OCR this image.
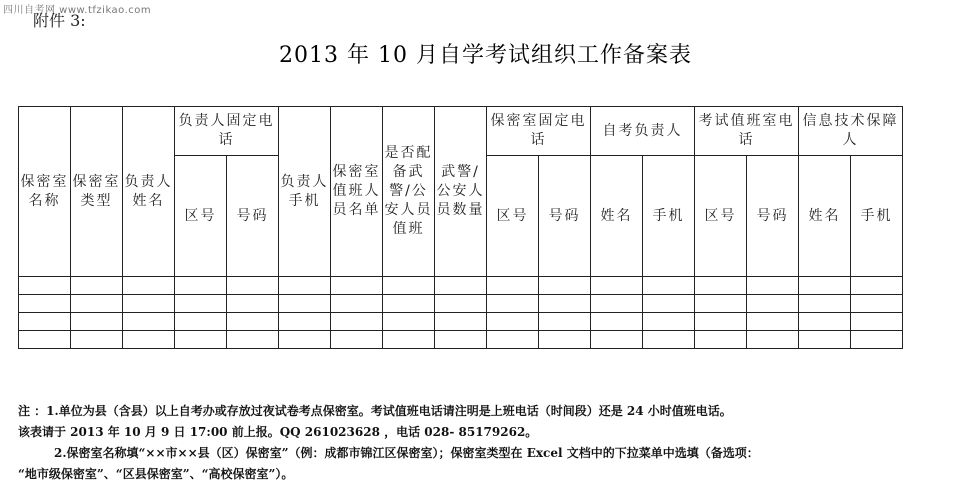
四川自考网 www.tfzikao.com
附件 3:
2013 年 10 月自学考试组织工作备案表
保密室名称	保密室类型	负责人姓名	负责人固定电话		负责人手机	保密室值班人员名单	是否配备武警/公安人员值班	武警/公安人员数量	保密室固定电话		自考负责人		考试值班室电话		信息技术保障人	
			区号	号码					区号	号码	姓名	手机	区号	号码	姓名	手机

注 ：1.单位为县（含县）以上自考办或存放过夜试卷考点保密室。考试值班电话请注明是上班电话（时间段）还是 24 小时值班电话。

该表请于 2013 年 10 月 9 日 17:00 前上报。QQ 261023628 ，电话 028- 85179262。

2.保密室名称填“××市××县（区）保密室”（例：成都市锦江区保密室）；保密室类型在 Excel 文档中的下拉菜单中选填（备选项：

“地市级保密室”、“区县保密室”、“高校保密室”）。
